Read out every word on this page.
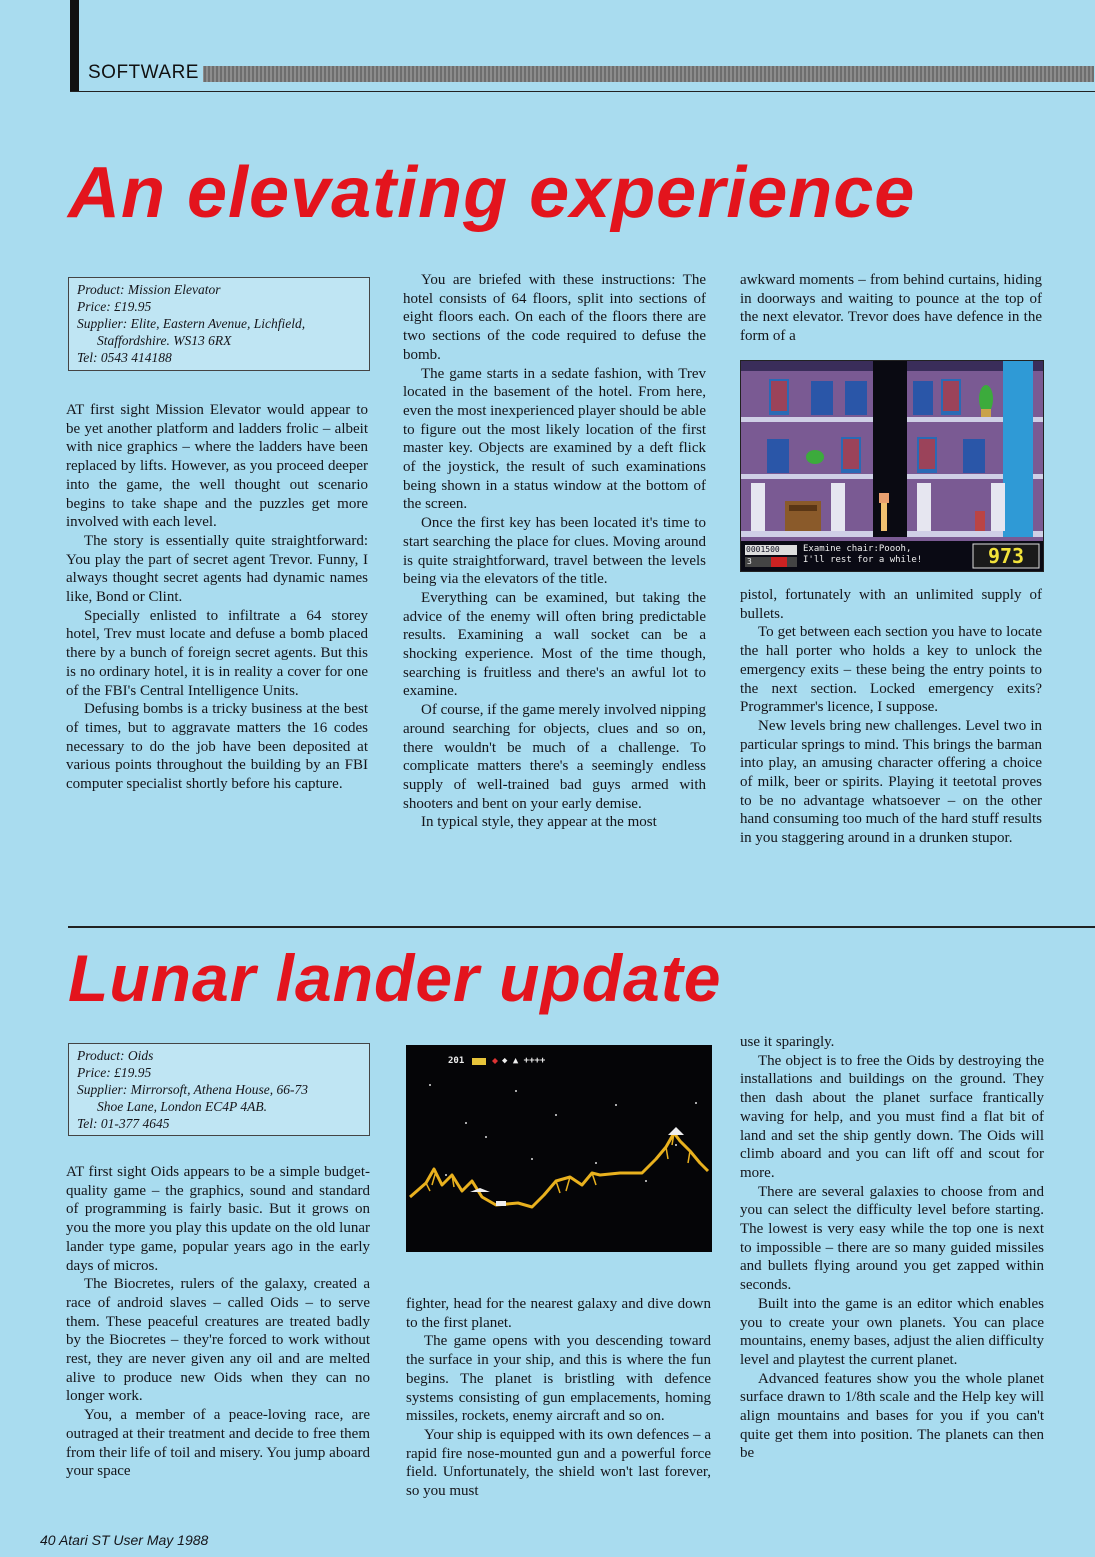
SOFTWARE
An elevating experience
Product: Mission Elevator
Price: £19.95
Supplier: Elite, Eastern Avenue, Lichfield,
Staffordshire. WS13 6RX
Tel: 0543 414188

AT first sight Mission Elevator would appear to be yet another platform and ladders frolic – albeit with nice graphics – where the ladders have been replaced by lifts. However, as you proceed deeper into the game, the well thought out scenario begins to take shape and the puzzles get more involved with each level.

The story is essentially quite straightforward: You play the part of secret agent Trevor. Funny, I always thought secret agents had dynamic names like, Bond or Clint.

Specially enlisted to infiltrate a 64 storey hotel, Trev must locate and defuse a bomb placed there by a bunch of foreign secret agents. But this is no ordinary hotel, it is in reality a cover for one of the FBI's Central Intelligence Units.

Defusing bombs is a tricky business at the best of times, but to aggravate matters the 16 codes necessary to do the job have been deposited at various points throughout the building by an FBI computer specialist shortly before his capture.

You are briefed with these instructions: The hotel consists of 64 floors, split into sections of eight floors each. On each of the floors there are two sections of the code required to defuse the bomb.

The game starts in a sedate fashion, with Trev located in the basement of the hotel. From here, even the most inexperienced player should be able to figure out the most likely location of the first master key. Objects are examined by a deft flick of the joystick, the result of such examinations being shown in a status window at the bottom of the screen.

Once the first key has been located it's time to start searching the place for clues. Moving around is quite straightforward, travel between the levels being via the elevators of the title.

Everything can be examined, but taking the advice of the enemy will often bring predictable results. Examining a wall socket can be a shocking experience. Most of the time though, searching is fruitless and there's an awful lot to examine.

Of course, if the game merely involved nipping around searching for objects, clues and so on, there wouldn't be much of a challenge. To complicate matters there's a seemingly endless supply of well-trained bad guys armed with shooters and bent on your early demise.

In typical style, they appear at the most

awkward moments – from behind curtains, hiding in doorways and waiting to pounce at the top of the next elevator. Trevor does have defence in the form of a

0001500
3
Examine chair:Poooh,
I'll rest for a while!	973

pistol, fortunately with an unlimited supply of bullets.

To get between each section you have to locate the hall porter who holds a key to unlock the emergency exits – these being the entry points to the next section. Locked emergency exits? Programmer's licence, I suppose.

New levels bring new challenges. Level two in particular springs to mind. This brings the barman into play, an amusing character offering a choice of milk, beer or spirits. Playing it teetotal proves to be no advantage whatsoever – on the other hand consuming too much of the hard stuff results in you staggering around in a drunken stupor.

Lunar lander update
Product: Oids
Price: £19.95
Supplier: Mirrorsoft, Athena House, 66-73
Shoe Lane, London EC4P 4AB.
Tel: 01-377 4645

AT first sight Oids appears to be a simple budget-quality game – the graphics, sound and standard of programming is fairly basic. But it grows on you the more you play this update on the old lunar lander type game, popular years ago in the early days of micros.

The Biocretes, rulers of the galaxy, created a race of android slaves – called Oids – to serve them. These peaceful creatures are treated badly by the Biocretes – they're forced to work without rest, they are never given any oil and are melted alive to produce new Oids when they can no longer work.

You, a member of a peace-loving race, are outraged at their treatment and decide to free them from their life of toil and misery. You jump aboard your space

201	◆ ▲ ++++

fighter, head for the nearest galaxy and dive down to the first planet.

The game opens with you descending toward the surface in your ship, and this is where the fun begins. The planet is bristling with defence systems consisting of gun emplacements, homing missiles, rockets, enemy aircraft and so on.

Your ship is equipped with its own defences – a rapid fire nose-mounted gun and a powerful force field. Unfortunately, the shield won't last forever, so you must

use it sparingly.

The object is to free the Oids by destroying the installations and buildings on the ground. They then dash about the planet surface frantically waving for help, and you must find a flat bit of land and set the ship gently down. The Oids will climb aboard and you can lift off and scout for more.

There are several galaxies to choose from and you can select the difficulty level before starting. The lowest is very easy while the top one is next to impossible – there are so many guided missiles and bullets flying around you get zapped within seconds.

Built into the game is an editor which enables you to create your own planets. You can place mountains, enemy bases, adjust the alien difficulty level and playtest the current planet.

Advanced features show you the whole planet surface drawn to 1/8th scale and the Help key will align mountains and bases for you if you can't quite get them into position. The planets can then be

40 Atari ST User May 1988
